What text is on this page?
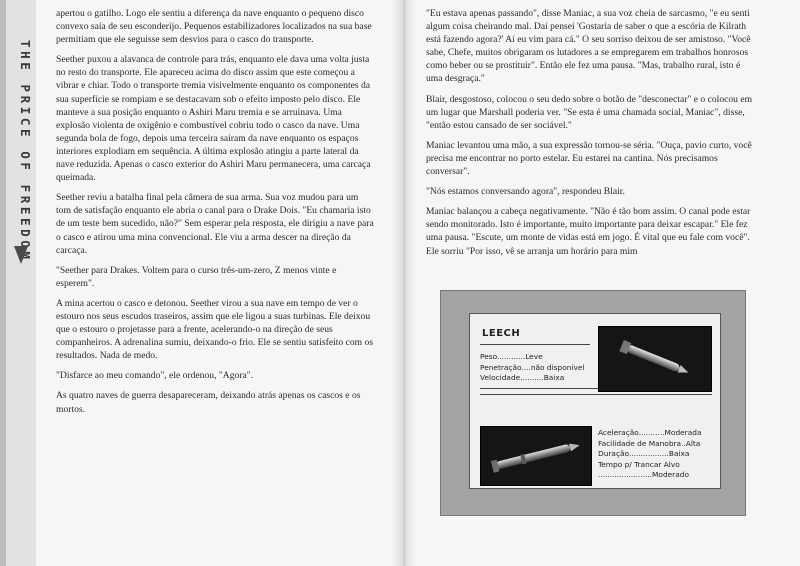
THE PRICE OF FREEDOM

apertou o gatilho. Logo ele sentiu a diferença da nave enquanto o pequeno disco convexo saía de seu esconderijo. Pequenos estabilizadores localizados na sua base permitiam que ele seguisse sem desvios para o casco do transporte.

Seether puxou a alavanca de controle para trás, enquanto ele dava uma volta justa no resto do transporte. Ele apareceu acima do disco assim que este começou a vibrar e chiar. Todo o transporte tremia visivelmente enquanto os componentes da sua superfície se rompiam e se destacavam sob o efeito imposto pelo disco. Ele manteve a sua posição enquanto o Ashiri Maru tremia e se arruinava. Uma explosão violenta de oxigênio e combustível cobriu todo o casco da nave. Uma segunda bola de fogo, depois uma terceira saíram da nave enquanto os espaços interiores explodiam em sequência. A última explosão atingiu a parte lateral da nave reduzida. Apenas o casco exterior do Ashiri Maru permanecera, uma carcaça queimada.

Seether reviu a batalha final pela câmera de sua arma. Sua voz mudou para um tom de satisfação enquanto ele abria o canal para o Drake Dois. "Eu chamaria isto de um teste bem sucedido, não?" Sem esperar pela resposta, ele dirigiu a nave para o casco e atirou uma mina convencional. Ele viu a arma descer na direção da carcaça.

"Seether para Drakes. Voltem para o curso três-um-zero, Z menos vinte e esperem".

A mina acertou o casco e detonou. Seether virou a sua nave em tempo de ver o estouro nos seus escudos traseiros, assim que ele ligou a suas turbinas. Ele deixou que o estouro o projetasse para a frente, acelerando-o na direção de seus companheiros. A adrenalina sumiu, deixando-o frio. Ele se sentiu satisfeito com os resultados. Nada de medo.

"Disfarce ao meu comando", ele ordenou, "Agora".

As quatro naves de guerra desapareceram, deixando atrás apenas os cascos e os mortos.

"Eu estava apenas passando", disse Maniac, a sua voz cheia de sarcasmo, "e eu senti algum coisa cheirando mal. Daí pensei 'Gostaria de saber o que a escória de Kilrath está fazendo agora?' Aí eu vim para cá." O seu sorriso deixou de ser amistoso. "Você sabe, Chefe, muitos obrigaram os lutadores a se empregarem em trabalhos honrosos como beber ou se prostituir". Então ele fez uma pausa. "Mas, trabalho rural, isto é uma desgraça."

Blair, desgostoso, colocou o seu dedo sobre o botão de "desconectar" e o colocou em um lugar que Marshall poderia ver. "Se esta é uma chamada social, Maniac", disse, "então estou cansado de ser sociável."

Maniac levantou uma mão, a sua expressão tornou-se séria. "Ouça, pavio curto, você precisa me encontrar no porto estelar. Eu estarei na cantina. Nós precisamos conversar".

"Nós estamos conversando agora", respondeu Blair.

Maniac balançou a cabeça negativamente. "Não é tão bom assim. O canal pode estar sendo monitorado. Isto é importante, muito importante para deixar escapar." Ele fez uma pausa. "Escute, um monte de vidas está em jogo. É vital que eu fale com você". Ele sorriu "Por isso, vê se arranja um horário para mim

LEECH
Peso............Leve
Penetração....não disponível
Velocidade..........Baixa
Aceleração...........Moderada
Facilidade de Manobra..Alta
Duração.................Baixa
Tempo p/ Trancar Alvo
.......................Moderado
